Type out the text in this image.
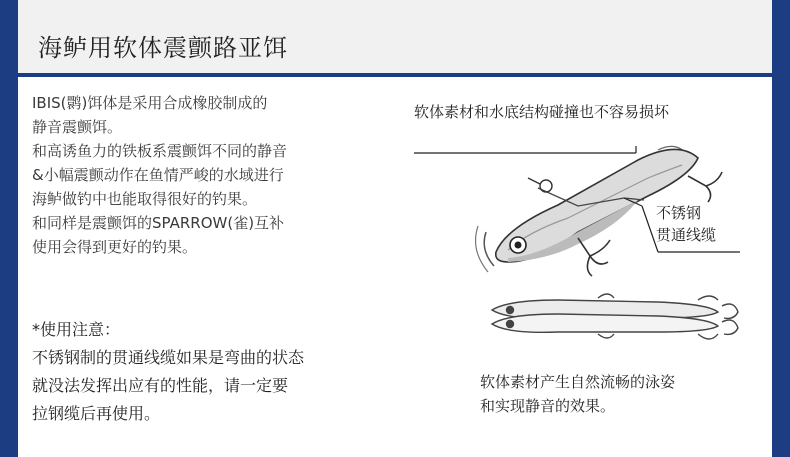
海鲈用软体震颤路亚饵
IBIS(鹮)饵体是采用合成橡胶制成的
静音震颤饵。
和高诱鱼力的铁板系震颤饵不同的静音
&小幅震颤动作在鱼情严峻的水域进行
海鲈做钓中也能取得很好的钓果。
和同样是震颤饵的SPARROW(雀)互补
使用会得到更好的钓果。
*使用注意：
不锈钢制的贯通线缆如果是弯曲的状态
就没法发挥出应有的性能，请一定要
拉钢缆后再使用。
软体素材和水底结构碰撞也不容易损坏
不锈钢
贯通线缆
软体素材产生自然流畅的泳姿
和实现静音的效果。
